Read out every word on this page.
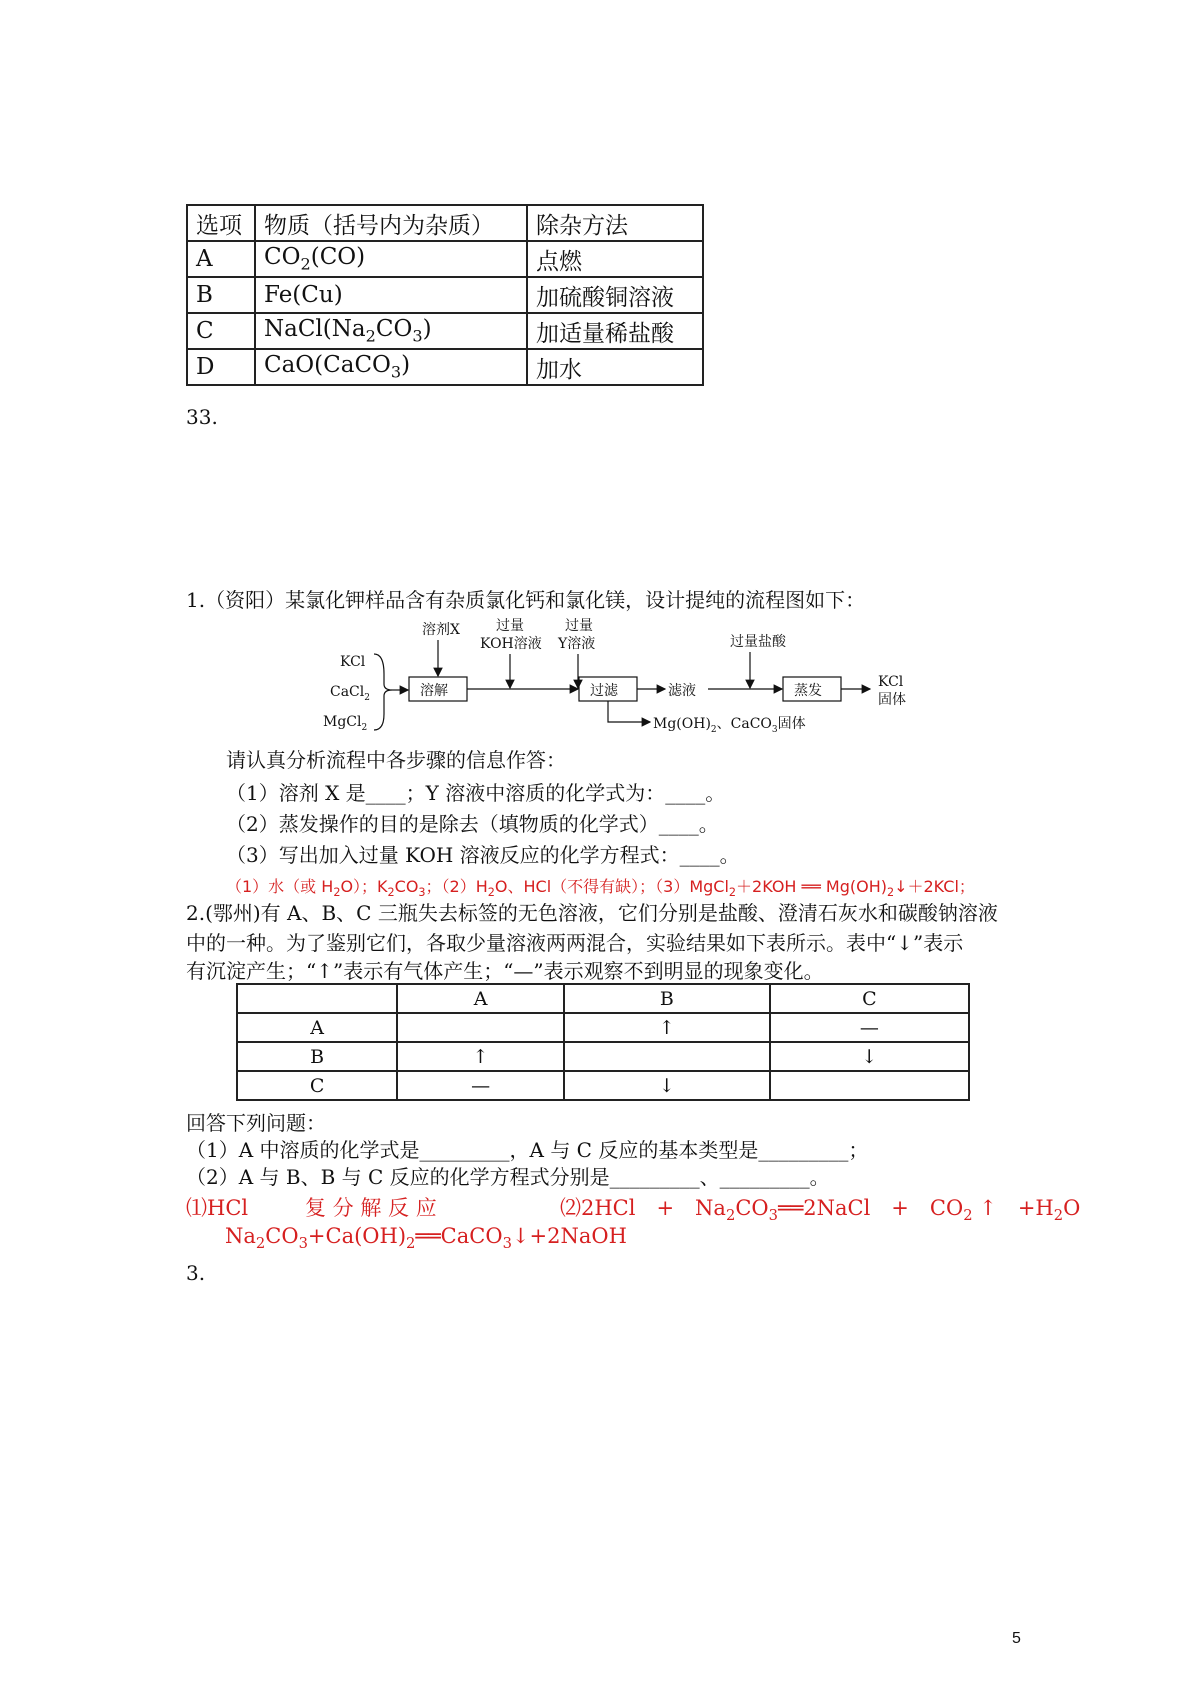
选项	物质（括号内为杂质）	除杂方法
A	$CO_2(CO)$	点燃
B	Fe(Cu)	加硫酸铜溶液
C	$NaCl(Na_2CO_3)$	加适量稀盐酸
D	CaO(CaCO$_3$)	加水
33.
1.（资阳）某氯化钾样品含有杂质氯化钙和氯化镁，设计提纯的流程图如下：
KCl
CaCl$_2$
MgCl$_2$
溶剂X
溶解
过量
KOH溶液
过量
Y溶液
过滤	滤液
过量盐酸
蒸发
KCl
固体
$Mg(OH)_2$、CaCO$_3$固体
请认真分析流程中各步骤的信息作答：
（1）溶剂 X 是____；Y 溶液中溶质的化学式为：____。
（2）蒸发操作的目的是除去（填物质的化学式）____。
（3）写出加入过量 KOH 溶液反应的化学方程式：____。
（1）水（或 $H_2O$）；$K_2CO_3$；$(2)H_2O$、HCl（不得有缺）；（3）MgCl$_2$＋2KOH ══ $Mg(OH)_2↓+2KCl$；
2.(鄂州)有 A、B、C 三瓶失去标签的无色溶液，它们分别是盐酸、澄清石灰水和碳酸钠溶液
中的一种。为了鉴别它们，各取少量溶液两两混合，实验结果如下表所示。表中“↓”表示
有沉淀产生；“↑”表示有气体产生；“—”表示观察不到明显的现象变化。
	A	B	C
A		↑	—
B	↑		↓
C	—	↓	
回答下列问题：
（1）A 中溶质的化学式是_________，A 与 C 反应的基本类型是_________；
（2）A 与 B、B 与 C 反应的化学方程式分别是_________、_________。
⑴HCl	复 分 解 反 应	⑵2HCl　+　$Na_2CO_3══2NaCl$　+　$CO_2$ ↑　$+H_2O$
$Na_2CO_3+Ca(OH)_2══CaCO_3↓+2NaOH$
3.
5
